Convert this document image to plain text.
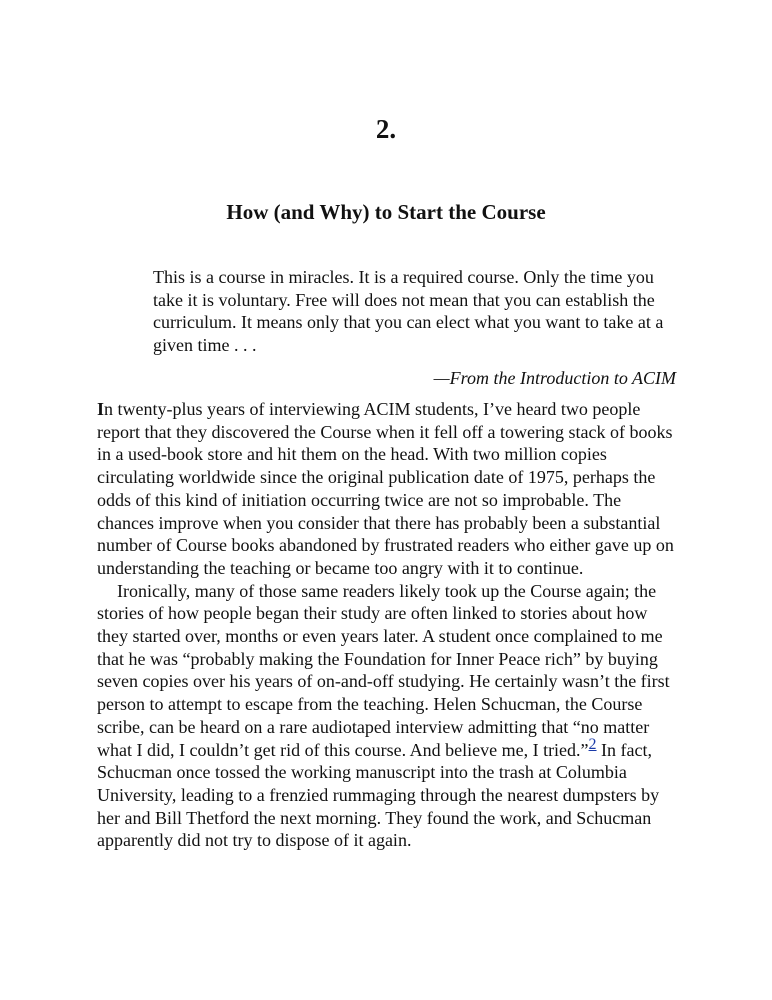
2.
How (and Why) to Start the Course
This is a course in miracles. It is a required course. Only the time you take it is voluntary. Free will does not mean that you can establish the curriculum. It means only that you can elect what you want to take at a given time . . .
—From the Introduction to ACIM

In twenty-plus years of interviewing ACIM students, I’ve heard two people report that they discovered the Course when it fell off a towering stack of books in a used-book store and hit them on the head. With two million copies circulating worldwide since the original publication date of 1975, perhaps the odds of this kind of initiation occurring twice are not so improbable. The chances improve when you consider that there has probably been a substantial number of Course books abandoned by frustrated readers who either gave up on understanding the teaching or became too angry with it to continue.

Ironically, many of those same readers likely took up the Course again; the stories of how people began their study are often linked to stories about how they started over, months or even years later. A student once complained to me that he was “probably making the Foundation for Inner Peace rich” by buying seven copies over his years of on-and-off studying. He certainly wasn’t the first person to attempt to escape from the teaching. Helen Schucman, the Course scribe, can be heard on a rare audiotaped interview admitting that “no matter what I did, I couldn’t get rid of this course. And believe me, I tried.”2 In fact, Schucman once tossed the working manuscript into the trash at Columbia University, leading to a frenzied rummaging through the nearest dumpsters by her and Bill Thetford the next morning. They found the work, and Schucman apparently did not try to dispose of it again.
